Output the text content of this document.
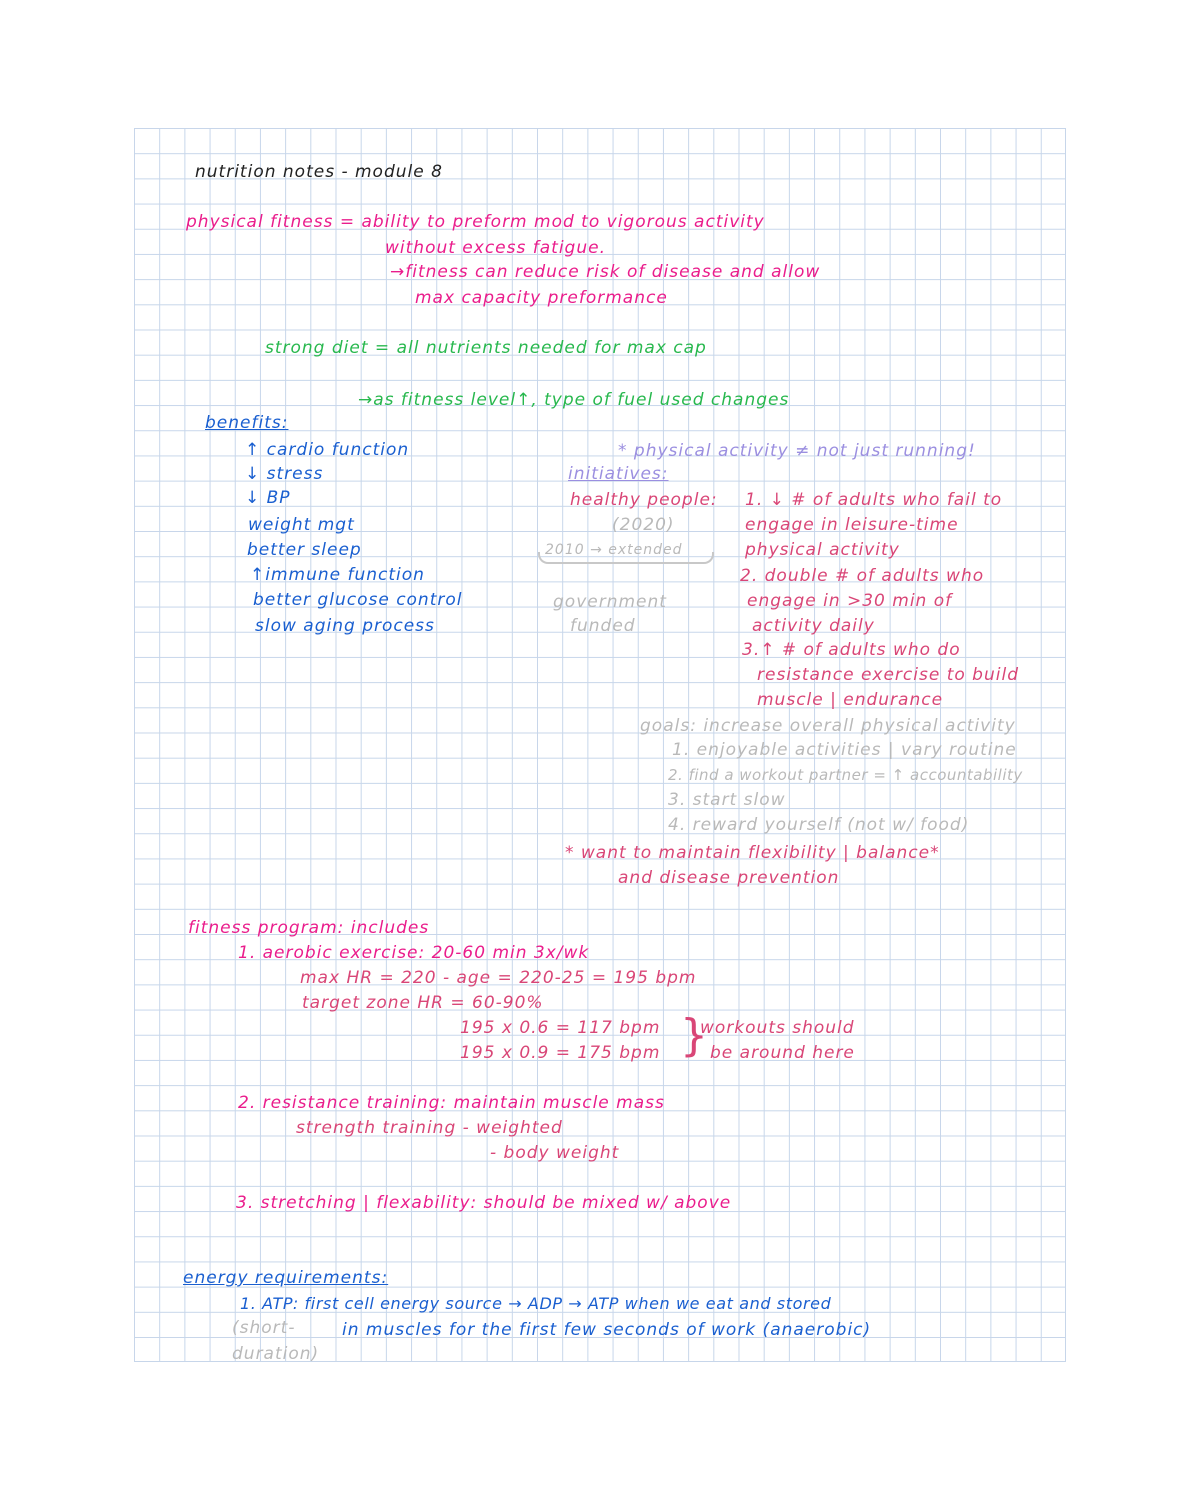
nutrition notes - module 8
physical fitness = ability to preform mod to vigorous activity
without excess fatigue.
→fitness can reduce risk of disease and allow
max capacity preformance
strong diet = all nutrients needed for max cap
→as fitness level↑, type of fuel used changes
benefits:
↑ cardio function
↓ stress
↓ BP
weight mgt
better sleep
↑immune function
better glucose control
slow aging process
* physical activity ≠ not just running!
initiatives:
healthy people:
(2020)
2010 → extended
government
funded
1. ↓ # of adults who fail to
engage in leisure-time
physical activity
2. double # of adults who
engage in >30 min of
activity daily
3.↑ # of adults who do
resistance exercise to build
muscle | endurance
goals: increase overall physical activity
1. enjoyable activities | vary routine
2. find a workout partner = ↑ accountability
3. start slow
4. reward yourself (not w/ food)
* want to maintain flexibility | balance*
and disease prevention
fitness program: includes
1. aerobic exercise: 20-60 min 3x/wk
max HR = 220 - age = 220-25 = 195 bpm
target zone HR = 60-90%
195 x 0.6 = 117 bpm
195 x 0.9 = 175 bpm }
workouts should
be around here
2. resistance training: maintain muscle mass
strength training - weighted
- body weight
3. stretching | flexability: should be mixed w/ above
energy requirements:
1. ATP: first cell energy source → ADP → ATP when we eat and stored
in muscles for the first few seconds of work (anaerobic)
(short-
duration)
